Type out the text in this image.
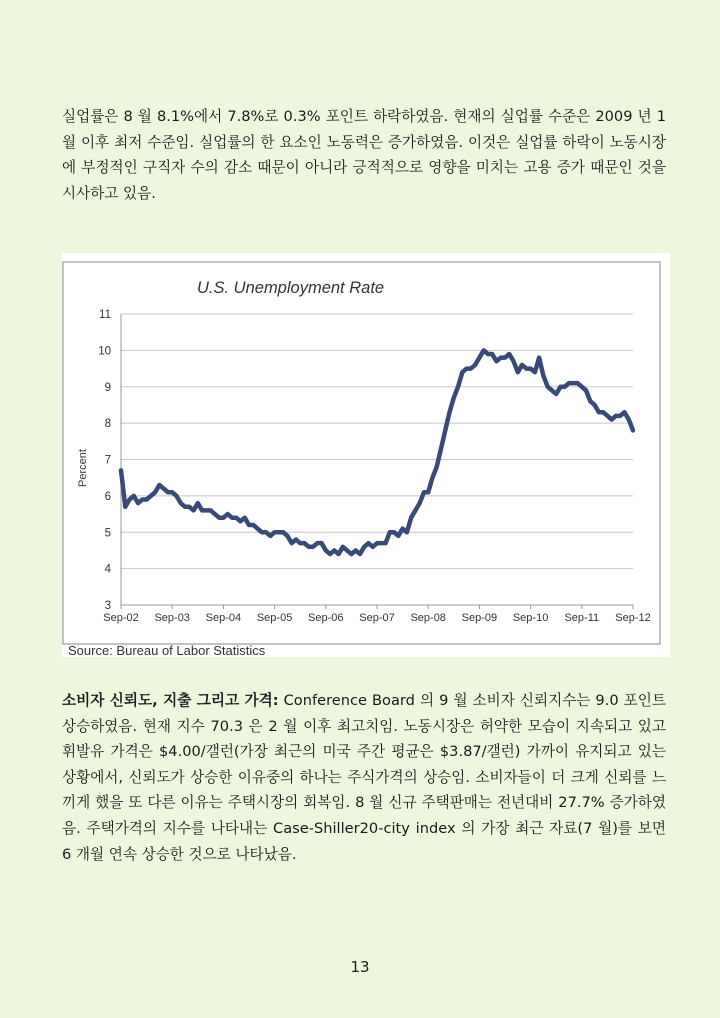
실업률은 8 월 8.1%에서 7.8%로 0.3% 포인트 하락하였음. 현재의 실업률 수준은 2009 년 1 월 이후 최저 수준임. 실업률의 한 요소인 노동력은 증가하였음. 이것은 실업률 하락이 노동시장에 부정적인 구직자 수의 감소 때문이 아니라 긍적적으로 영향을 미치는 고용 증가 때문인 것을 시사하고 있음.

U.S. Unemployment Rate
Percent
Source: Bureau of Labor Statistics
3
4
5
6
7
8
9
10
11
Sep-02 Sep-03 Sep-04 Sep-05 Sep-06 Sep-07 Sep-08 Sep-09 Sep-10 Sep-11 Sep-12

소비자 신뢰도, 지출 그리고 가격: Conference Board 의 9 월 소비자 신뢰지수는 9.0 포인트 상승하였음. 현재 지수 70.3 은 2 월 이후 최고치임. 노동시장은 허약한 모습이 지속되고 있고 휘발유 가격은 $4.00/갤런(가장 최근의 미국 주간 평균은 $3.87/갤런) 가까이 유지되고 있는 상황에서, 신뢰도가 상승한 이유중의 하나는 주식가격의 상승임. 소비자들이 더 크게 신뢰를 느끼게 했을 또 다른 이유는 주택시장의 회복임. 8 월 신규 주택판매는 전년대비 27.7% 증가하였음. 주택가격의 지수를 나타내는 Case-Shiller20-city index 의 가장 최근 자료(7 월)를 보면 6 개월 연속 상승한 것으로 나타났음.

13
